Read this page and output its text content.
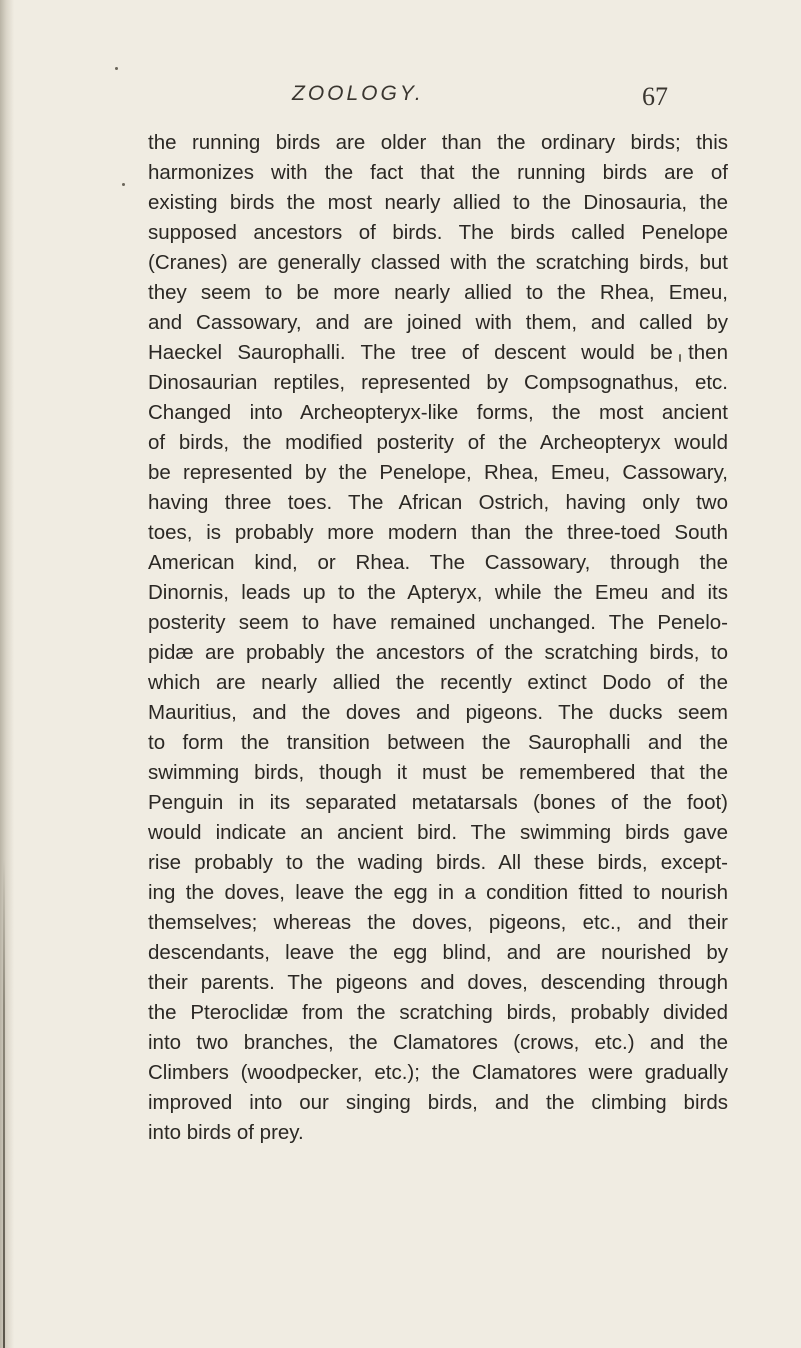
ZOOLOGY.	67
the running birds are older than the ordinary birds; this
harmonizes with the fact that the running birds are of
existing birds the most nearly allied to the Dinosauria, the
supposed ancestors of birds. The birds called Penelope
(Cranes) are generally classed with the scratching birds, but
they seem to be more nearly allied to the Rhea, Emeu,
and Cassowary, and are joined with them, and called by
Haeckel Saurophalli. The tree of descent would be then
Dinosaurian reptiles, represented by Compsognathus, etc.
Changed into Archeopteryx-like forms, the most ancient
of birds, the modified posterity of the Archeopteryx would
be represented by the Penelope, Rhea, Emeu, Cassowary,
having three toes. The African Ostrich, having only two
toes, is probably more modern than the three-toed South
American kind, or Rhea. The Cassowary, through the
Dinornis, leads up to the Apteryx, while the Emeu and its
posterity seem to have remained unchanged. The Penelo-
pidæ are probably the ancestors of the scratching birds, to
which are nearly allied the recently extinct Dodo of the
Mauritius, and the doves and pigeons. The ducks seem
to form the transition between the Saurophalli and the
swimming birds, though it must be remembered that the
Penguin in its separated metatarsals (bones of the foot)
would indicate an ancient bird. The swimming birds gave
rise probably to the wading birds. All these birds, except-
ing the doves, leave the egg in a condition fitted to nourish
themselves; whereas the doves, pigeons, etc., and their
descendants, leave the egg blind, and are nourished by
their parents. The pigeons and doves, descending through
the Pteroclidæ from the scratching birds, probably divided
into two branches, the Clamatores (crows, etc.) and the
Climbers (woodpecker, etc.); the Clamatores were gradually
improved into our singing birds, and the climbing birds
into birds of prey.
